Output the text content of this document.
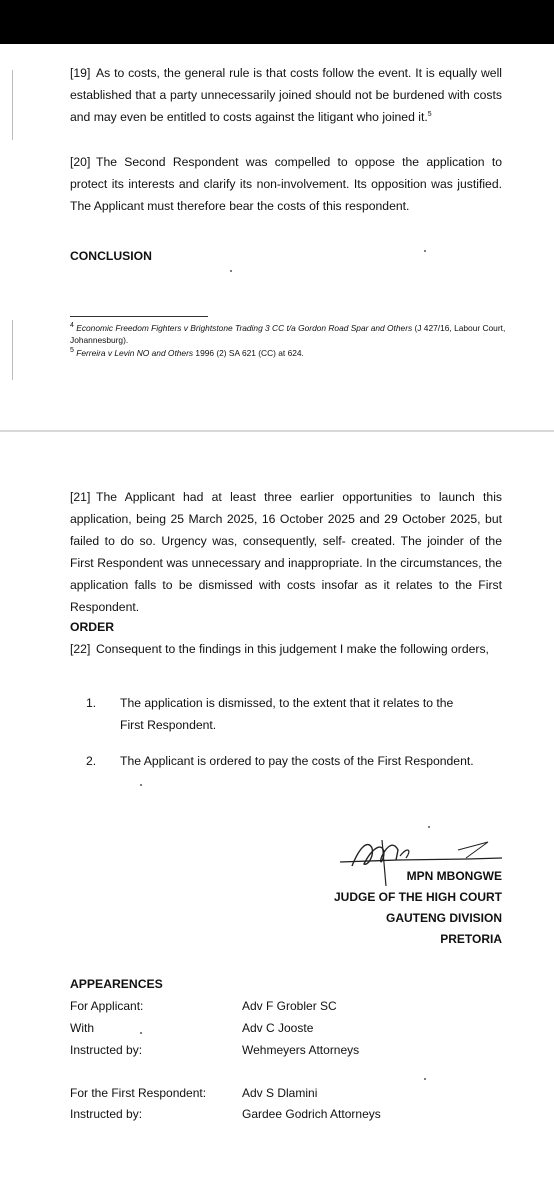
[19] As to costs, the general rule is that costs follow the event. It is equally well established that a party unnecessarily joined should not be burdened with costs and may even be entitled to costs against the litigant who joined it.$^5$
[20] The Second Respondent was compelled to oppose the application to protect its interests and clarify its non-involvement. Its opposition was justified. The Applicant must therefore bear the costs of this respondent.
CONCLUSION
$^4$ Economic Freedom Fighters v Brightstone Trading 3 CC t/a Gordon Road Spar and Others (J 427/16, Labour Court, Johannesburg).
$^5$ Ferreira v Levin NO and Others 1996 (2) SA 621 (CC) at 624.
[21] The Applicant had at least three earlier opportunities to launch this application, being 25 March 2025, 16 October 2025 and 29 October 2025, but failed to do so. Urgency was, consequently, self- created. The joinder of the First Respondent was unnecessary and inappropriate. In the circumstances, the application falls to be dismissed with costs insofar as it relates to the First Respondent.
ORDER
[22] Consequent to the findings in this judgement I make the following orders,
1. The application is dismissed, to the extent that it relates to the First Respondent.
2. The Applicant is ordered to pay the costs of the First Respondent.
MPN MBONGWE
JUDGE OF THE HIGH COURT
GAUTENG DIVISION
PRETORIA
APPEARENCES
For Applicant:	Adv F Grobler SC
With	Adv C Jooste
Instructed by:	Wehmeyers Attorneys
For the First Respondent:	Adv S Dlamini
Instructed by:	Gardee Godrich Attorneys
